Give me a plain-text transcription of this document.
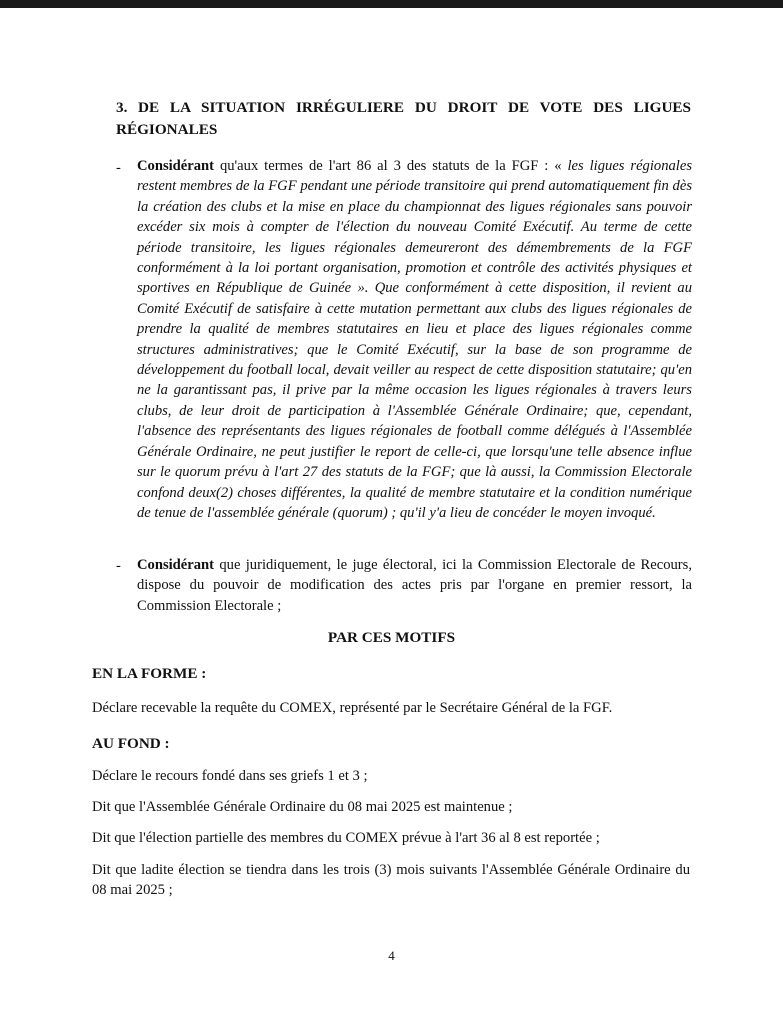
3. DE LA SITUATION IRRÉGULIERE DU DROIT DE VOTE DES LIGUES RÉGIONALES
- Considérant qu'aux termes de l'art 86 al 3 des statuts de la FGF : « les ligues régionales restent membres de la FGF pendant une période transitoire qui prend automatiquement fin dès la création des clubs et la mise en place du championnat des ligues régionales sans pouvoir excéder six mois à compter de l'élection du nouveau Comité Exécutif. Au terme de cette période transitoire, les ligues régionales demeureront des démembrements de la FGF conformément à la loi portant organisation, promotion et contrôle des activités physiques et sportives en République de Guinée ». Que conformément à cette disposition, il revient au Comité Exécutif de satisfaire à cette mutation permettant aux clubs des ligues régionales de prendre la qualité de membres statutaires en lieu et place des ligues régionales comme structures administratives; que le Comité Exécutif, sur la base de son programme de développement du football local, devait veiller au respect de cette disposition statutaire; qu'en ne la garantissant pas, il prive par la même occasion les ligues régionales à travers leurs clubs, de leur droit de participation à l'Assemblée Générale Ordinaire; que, cependant, l'absence des représentants des ligues régionales de football comme délégués à l'Assemblée Générale Ordinaire, ne peut justifier le report de celle-ci, que lorsqu'une telle absence influe sur le quorum prévu à l'art 27 des statuts de la FGF; que là aussi, la Commission Electorale confond deux(2) choses différentes, la qualité de membre statutaire et la condition numérique de tenue de l'assemblée générale (quorum) ; qu'il y'a lieu de concéder le moyen invoqué.
- Considérant que juridiquement, le juge électoral, ici la Commission Electorale de Recours, dispose du pouvoir de modification des actes pris par l'organe en premier ressort, la Commission Electorale ;
PAR CES MOTIFS
EN LA FORME :
Déclare recevable la requête du COMEX, représenté par le Secrétaire Général de la FGF.
AU FOND :
Déclare le recours fondé dans ses griefs 1 et 3 ;
Dit que l'Assemblée Générale Ordinaire du 08 mai 2025 est maintenue ;
Dit que l'élection partielle des membres du COMEX prévue à l'art 36 al 8 est reportée ;
Dit que ladite élection se tiendra dans les trois (3) mois suivants l'Assemblée Générale Ordinaire du 08 mai 2025 ;
4
